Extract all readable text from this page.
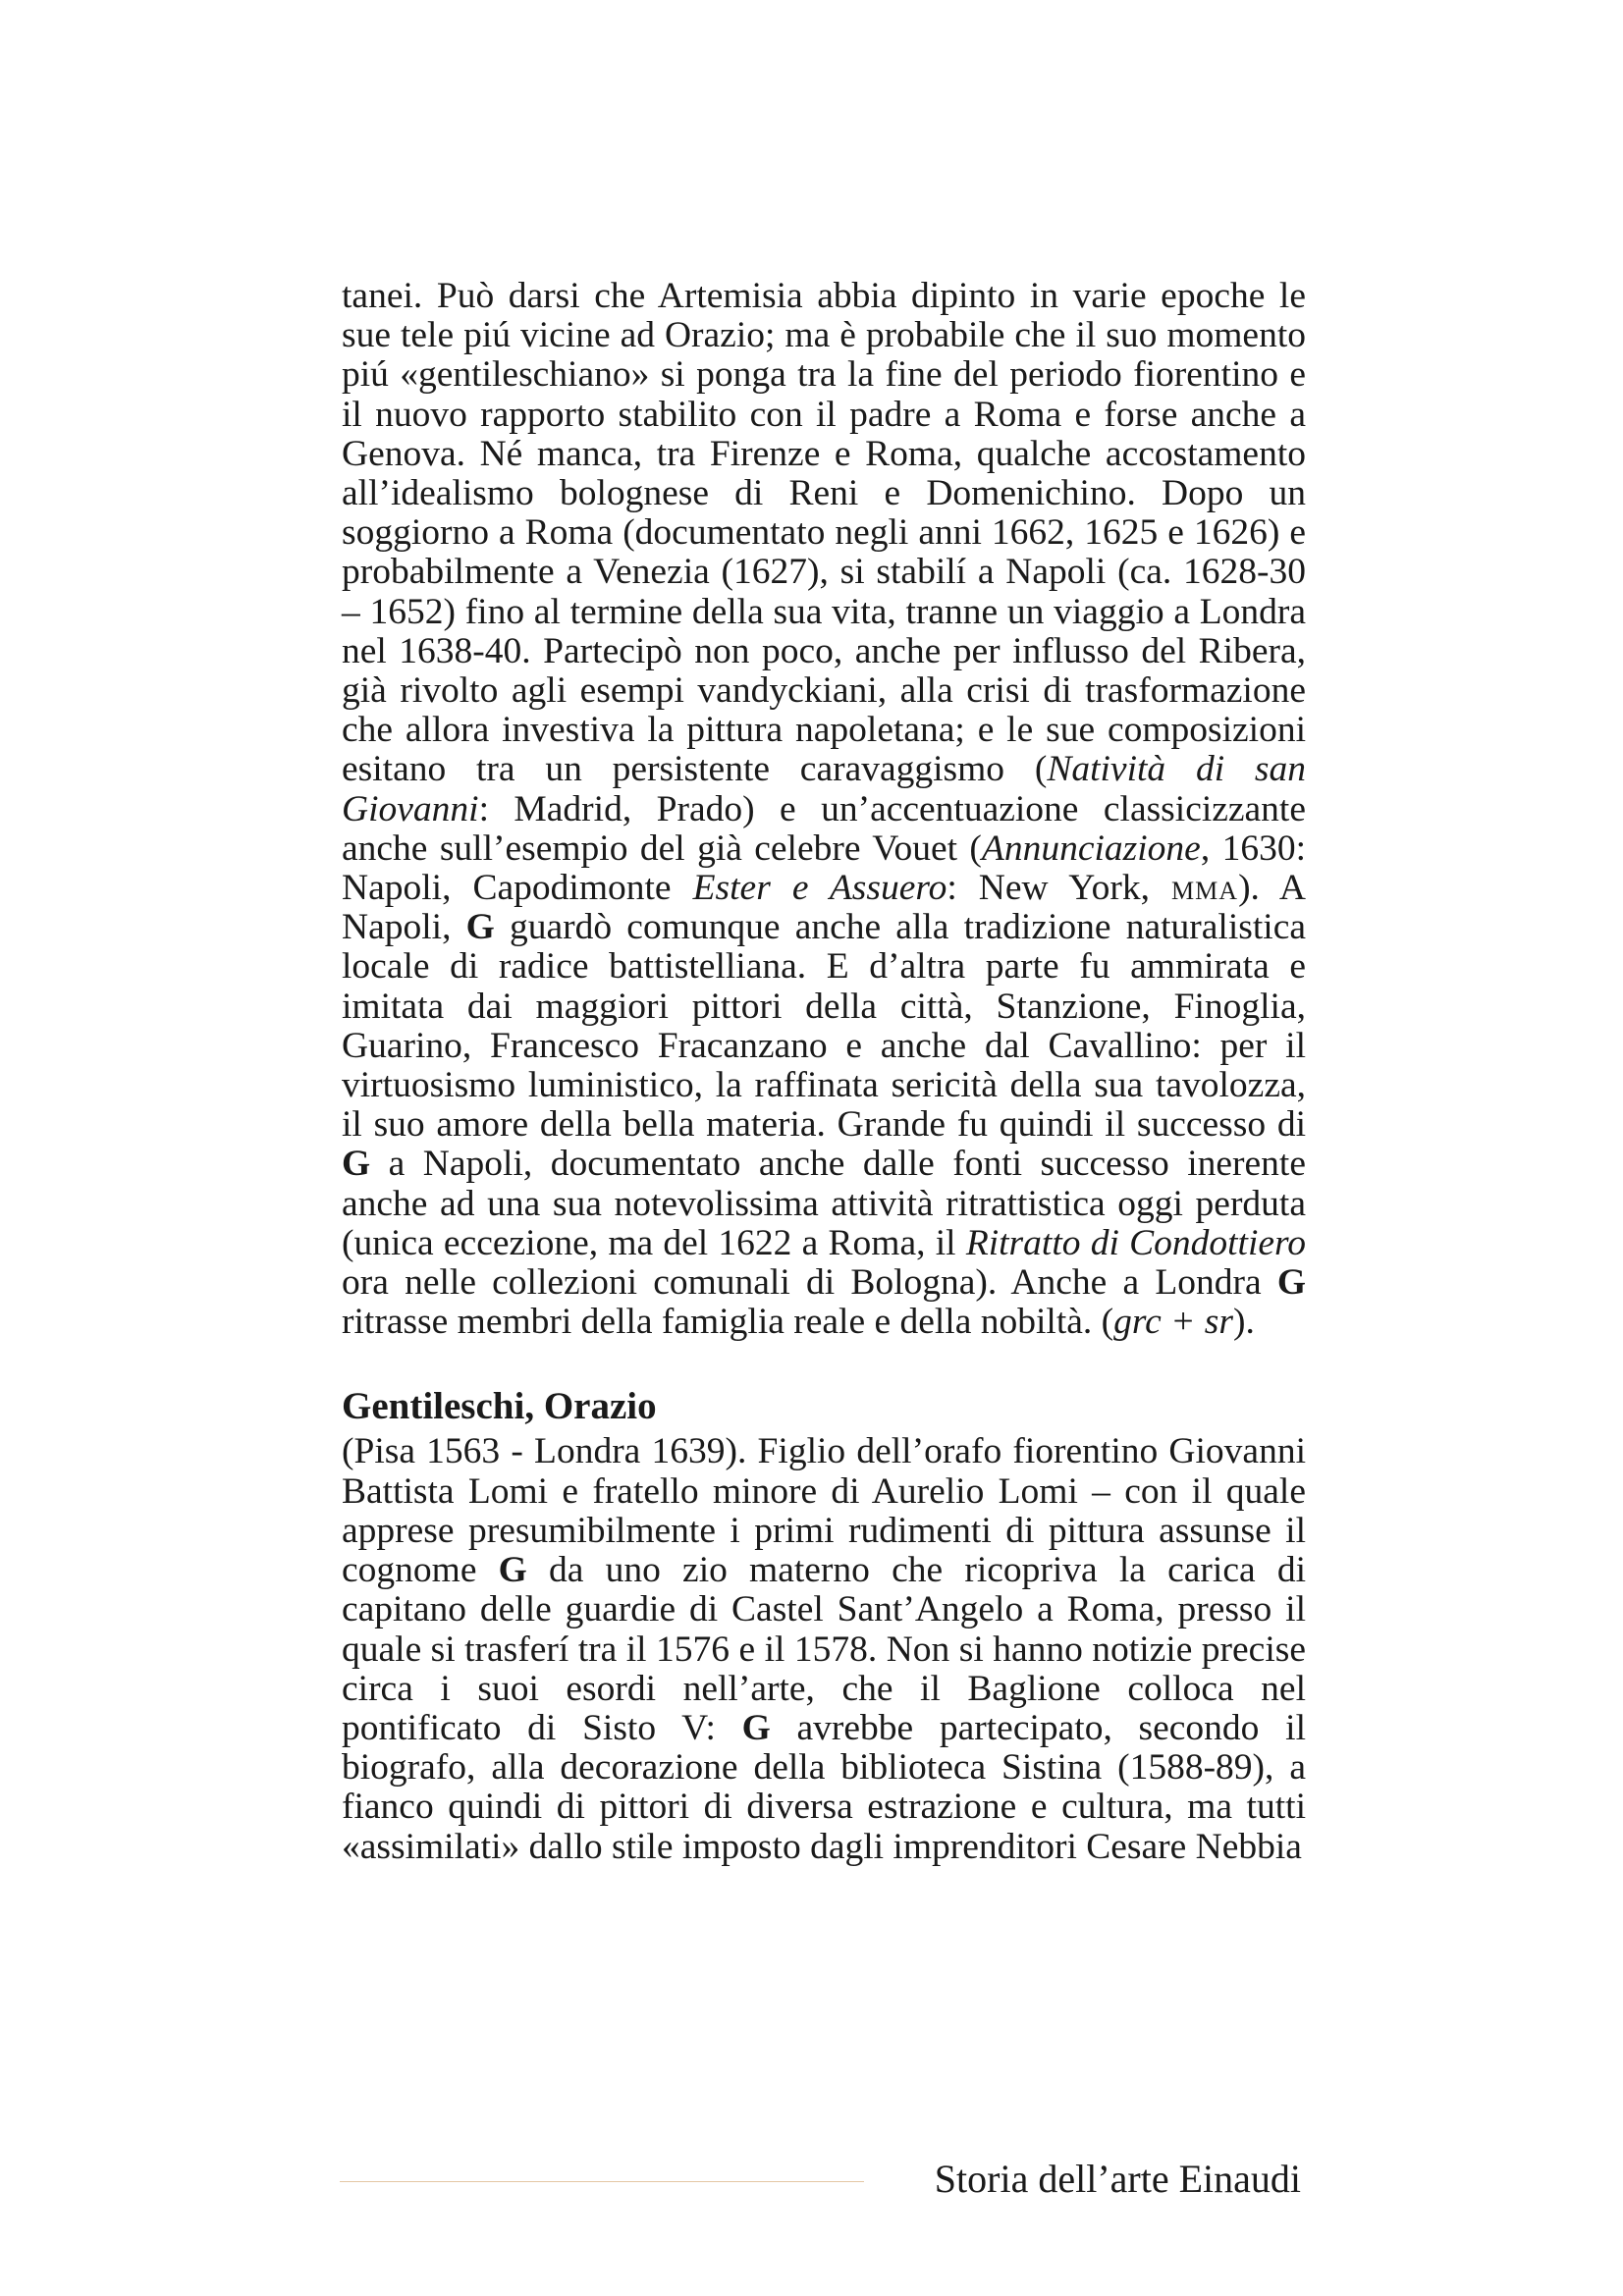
tanei. Può darsi che Artemisia abbia dipinto in varie epoche le sue tele piú vicine ad Orazio; ma è probabile che il suo momento piú «gentileschiano» si ponga tra la fine del periodo fiorentino e il nuovo rapporto stabilito con il padre a Roma e forse anche a Genova. Né manca, tra Firenze e Roma, qualche accostamento all’idealismo bolognese di Reni e Domenichino. Dopo un soggiorno a Roma (documentato negli anni 1662, 1625 e 1626) e probabilmente a Venezia (1627), si stabilí a Napoli (ca. 1628-30 – 1652) fino al termine della sua vita, tranne un viaggio a Londra nel 1638-40. Partecipò non poco, anche per influsso del Ribera, già rivolto agli esempi vandyckiani, alla crisi di trasformazione che allora investiva la pittura napoletana; e le sue composizioni esitano tra un persistente caravaggismo (Natività di san Giovanni: Madrid, Prado) e un’accentuazione classicizzante anche sull’esempio del già celebre Vouet (Annunciazione, 1630: Napoli, Capodimonte Ester e Assuero: New York, mma). A Napoli, G guardò comunque anche alla tradizione naturalistica locale di radice battistelliana. E d’altra parte fu ammirata e imitata dai maggiori pittori della città, Stanzione, Finoglia, Guarino, Francesco Fracanzano e anche dal Cavallino: per il virtuosismo luministico, la raffinata sericità della sua tavolozza, il suo amore della bella materia. Grande fu quindi il successo di G a Napoli, documentato anche dalle fonti successo inerente anche ad una sua notevolissima attività ritrattistica oggi perduta (unica eccezione, ma del 1622 a Roma, il Ritratto di Condottiero ora nelle collezioni comunali di Bologna). Anche a Londra G ritrasse membri della famiglia reale e della nobiltà. (grc + sr).

Gentileschi, Orazio

(Pisa 1563 - Londra 1639). Figlio dell’orafo fiorentino Giovanni Battista Lomi e fratello minore di Aurelio Lomi – con il quale apprese presumibilmente i primi rudimenti di pittura assunse il cognome G da uno zio materno che ricopriva la carica di capitano delle guardie di Castel Sant’Angelo a Roma, presso il quale si trasferí tra il 1576 e il 1578. Non si hanno notizie precise circa i suoi esordi nell’arte, che il Baglione colloca nel pontificato di Sisto V: G avrebbe partecipato, secondo il biografo, alla decorazione della biblioteca Sistina (1588-89), a fianco quindi di pittori di diversa estrazione e cultura, ma tutti «assimilati» dallo stile imposto dagli imprenditori Cesare Nebbia

Storia dell’arte Einaudi
